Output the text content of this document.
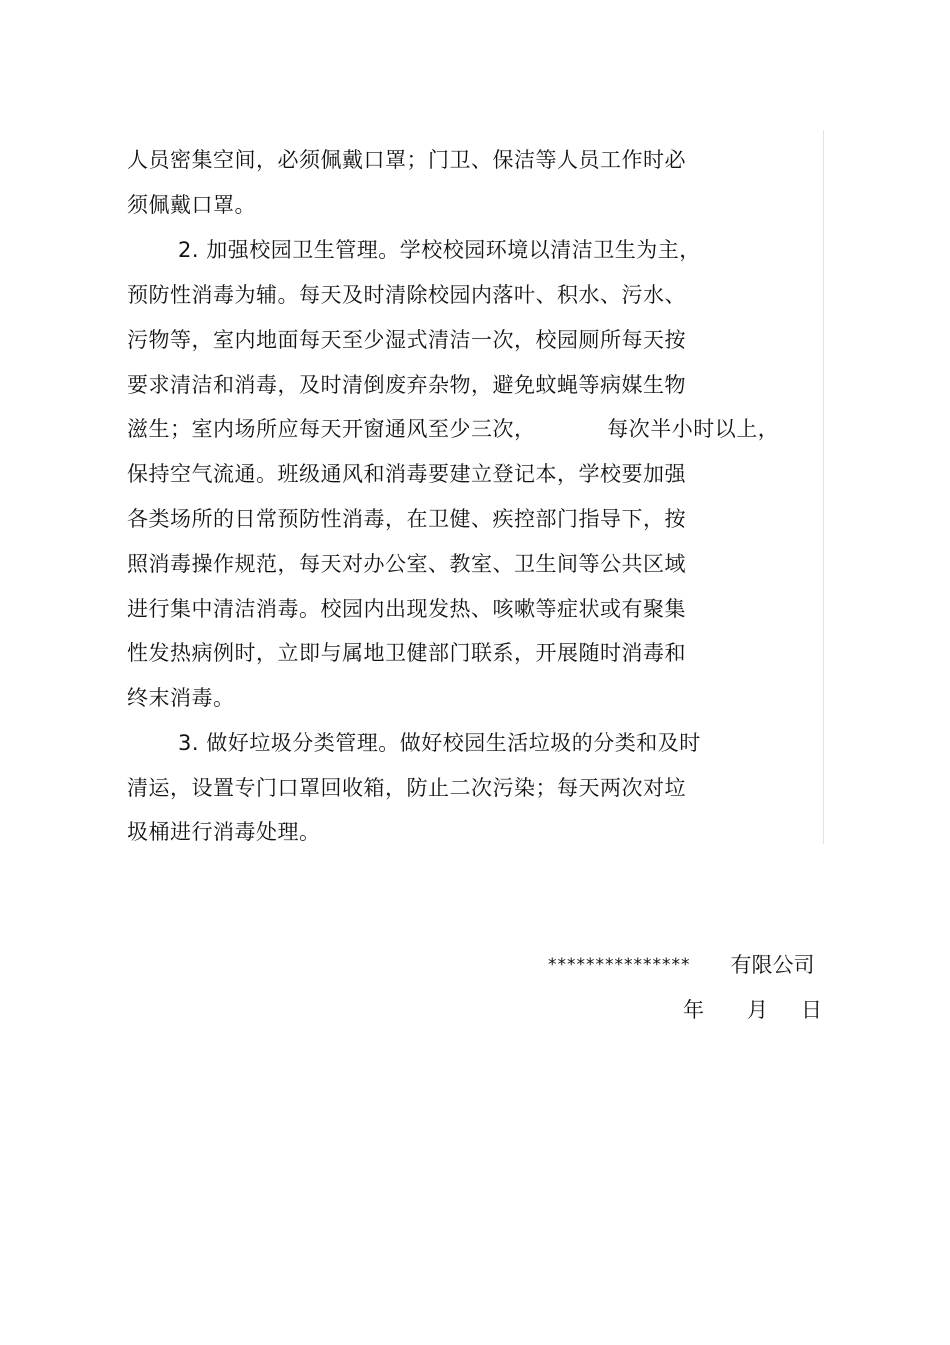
人员密集空间，必须佩戴口罩；门卫、保洁等人员工作时必
须佩戴口罩。
2. 加强校园卫生管理。学校校园环境以清洁卫生为主，
预防性消毒为辅。每天及时清除校园内落叶、积水、污水、
污物等，室内地面每天至少湿式清洁一次，校园厕所每天按
要求清洁和消毒，及时清倒废弃杂物，避免蚊蝇等病媒生物
滋生；室内场所应每天开窗通风至少三次，          每次半小时以上，
保持空气流通。班级通风和消毒要建立登记本，学校要加强
各类场所的日常预防性消毒，在卫健、疾控部门指导下，按
照消毒操作规范，每天对办公室、教室、卫生间等公共区域
进行集中清洁消毒。校园内出现发热、咳嗽等症状或有聚集
性发热病例时，立即与属地卫健部门联系，开展随时消毒和
终末消毒。
3. 做好垃圾分类管理。做好校园生活垃圾的分类和及时
清运，设置专门口罩回收箱，防止二次污染；每天两次对垃
圾桶进行消毒处理。
*************** 有限公司
年 月 日
